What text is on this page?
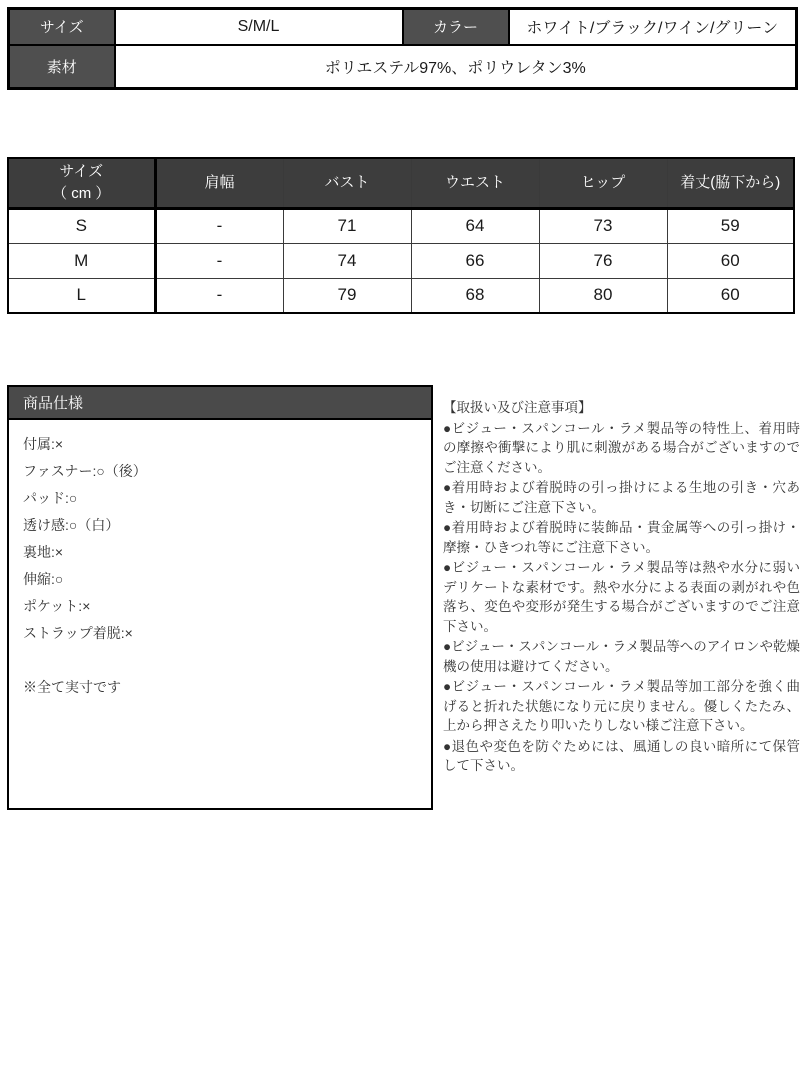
サイズ	S/M/L	カラー	ホワイト/ブラック/ワイン/グリーン
素材	ポリエステル97%、ポリウレタン3%		
サイズ
（ cm ）	肩幅	バスト	ウエスト	ヒップ	着丈(脇下から)
S	-	71	64	73	59
M	-	74	66	76	60
L	-	79	68	80	60
商品仕様

付属:×

ファスナー:○（後）

パッド:○

透け感:○（白）

裏地:×

伸縮:○

ポケット:×

ストラップ着脱:×

※全て実寸です

【取扱い及び注意事項】

●ビジュー・スパンコール・ラメ製品等の特性上、着用時の摩擦や衝撃により肌に刺激がある場合がございますのでご注意ください。

●着用時および着脱時の引っ掛けによる生地の引き・穴あき・切断にご注意下さい。

●着用時および着脱時に装飾品・貴金属等への引っ掛け・摩擦・ひきつれ等にご注意下さい。

●ビジュー・スパンコール・ラメ製品等は熱や水分に弱いデリケートな素材です。熱や水分による表面の剥がれや色落ち、変色や変形が発生する場合がございますのでご注意下さい。

●ビジュー・スパンコール・ラメ製品等へのアイロンや乾燥機の使用は避けてください。

●ビジュー・スパンコール・ラメ製品等加工部分を強く曲げると折れた状態になり元に戻りません。優しくたたみ、上から押さえたり叩いたりしない様ご注意下さい。

●退色や変色を防ぐためには、風通しの良い暗所にて保管して下さい。
